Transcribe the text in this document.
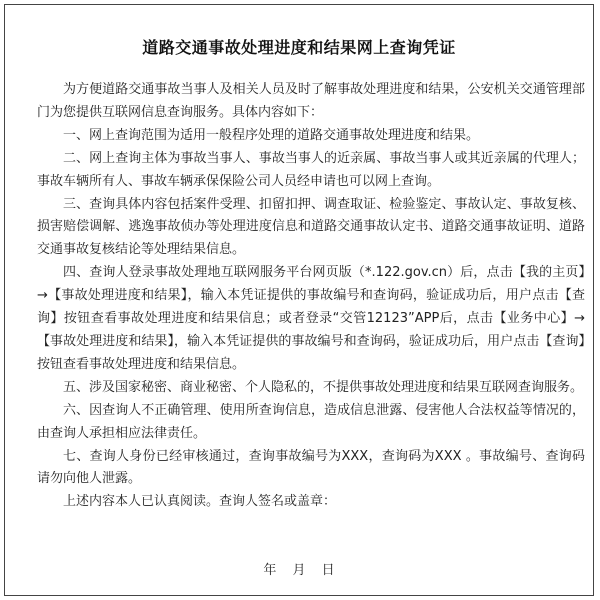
道路交通事故处理进度和结果网上查询凭证

为方便道路交通事故当事人及相关人员及时了解事故处理进度和结果，公安机关交通管理部门为您提供互联网信息查询服务。具体内容如下：

一、网上查询范围为适用一般程序处理的道路交通事故处理进度和结果。

二、网上查询主体为事故当事人、事故当事人的近亲属、事故当事人或其近亲属的代理人；事故车辆所有人、事故车辆承保保险公司人员经申请也可以网上查询。

三、查询具体内容包括案件受理、扣留扣押、调查取证、检验鉴定、事故认定、事故复核、损害赔偿调解、逃逸事故侦办等处理进度信息和道路交通事故认定书、道路交通事故证明、道路交通事故复核结论等处理结果信息。

四、查询人登录事故处理地互联网服务平台网页版（*.122.gov.cn）后，点击【我的主页】→【事故处理进度和结果】，输入本凭证提供的事故编号和查询码，验证成功后，用户点击【查询】按钮查看事故处理进度和结果信息；或者登录“交管12123”APP后，点击【业务中心】→【事故处理进度和结果】，输入本凭证提供的事故编号和查询码，验证成功后，用户点击【查询】按钮查看事故处理进度和结果信息。

五、涉及国家秘密、商业秘密、个人隐私的，不提供事故处理进度和结果互联网查询服务。

六、因查询人不正确管理、使用所查询信息，造成信息泄露、侵害他人合法权益等情况的，由查询人承担相应法律责任。

七、查询人身份已经审核通过，查询事故编号为XXX，查询码为XXX 。事故编号、查询码请勿向他人泄露。

上述内容本人已认真阅读。查询人签名或盖章：

年 月 日
